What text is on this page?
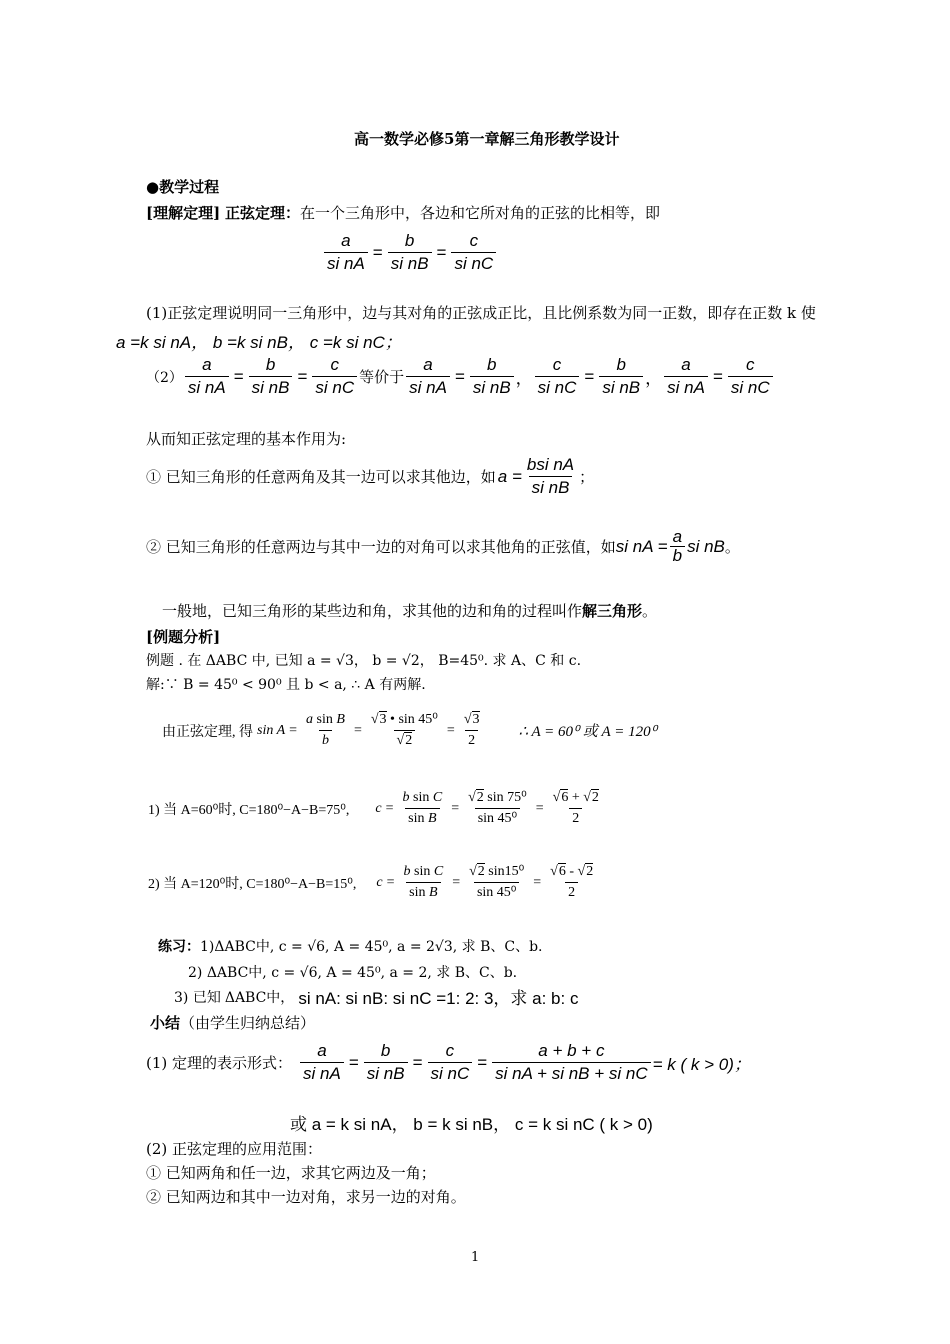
高一数学必修5第一章解三角形教学设计
●教学过程
[理解定理] 正弦定理：在一个三角形中，各边和它所对角的正弦的比相等，即
$\frac{a}{\text{si nA}} = \frac{b}{\text{si nB}} = \frac{c}{\text{si nC}}$
(1)正弦定理说明同一三角形中，边与其对角的正弦成正比，且比例系数为同一正数，即存在正数 k 使
a =k si nA， b =k si nB， c =k si nC；
$(2) \frac{a}{\text{si nA}} = \frac{b}{\text{si nB}} = \frac{c}{\text{si nC}}$ 等价于 $\frac{a}{\text{si nA}} = \frac{b}{\text{si nB}}$ ， $\frac{c}{\text{si nC}} = \frac{b}{\text{si nB}}$ ， $\frac{a}{\text{si nA}} = \frac{c}{\text{si nC}}$
从而知正弦定理的基本作用为:
① 已知三角形的任意两角及其一边可以求其他边，如 $a = \frac{\text{bsi nA}}{\text{si nB}}$ ；
② 已知三角形的任意两边与其中一边的对角可以求其他角的正弦值，如 si nA = $\frac{a}{b}$ si nB 。
一般地，已知三角形的某些边和角，求其他的边和角的过程叫作解三角形。
[例题分析]
例题 . 在 ΔABC 中, 已知 a = √3， b = √2， B=45⁰. 求 A、C 和 c.
解:∵ B = 45⁰ < 90⁰ 且 b < a, ∴ A 有两解.
由正弦定理, 得 $\sin A = \frac{\text{a sin B}}{b} = \frac{\text{√3 • sin 45⁰}}{√2} = \frac{√3}{2}$ ∴ A = 60⁰ 或 A = 120⁰
1) 当 A=60⁰时, C=180⁰−A−B=75⁰, $c = \frac{\text{b sin C}}{\text{sin B}} = \frac{\text{√2 sin 75⁰}}{\text{sin 45⁰}} = \frac{√6 + √2}{2}$
2) 当 A=120⁰时, C=180⁰−A−B=15⁰, $c = \frac{\text{b sin C}}{\text{sin B}} = \frac{\text{√2 sin15⁰}}{\text{sin 45⁰}} = \frac{√6 - √2}{2}$
练习：1)ΔABC中, c = √6, A = 45⁰, a = 2√3, 求 B、C、b.
2) ΔABC中, c = √6, A = 45⁰, a = 2, 求 B、C、b.
3) 已知 ΔABC中， si nA: si nB: si nC =1: 2: 3，求 a: b: c
小结（由学生归纳总结）
(1) 定理的表示形式： $\frac{a}{\text{si nA}} = \frac{b}{\text{si nB}} = \frac{c}{\text{si nC}} = \frac{a + b + c}{\text{si nA + si nB + si nC}} = k$ ( k > 0)；
或 a = k si nA， b = k si nB， c = k si nC ( k > 0)
(2) 正弦定理的应用范围：
① 已知两角和任一边，求其它两边及一角；
② 已知两边和其中一边对角，求另一边的对角。
1
